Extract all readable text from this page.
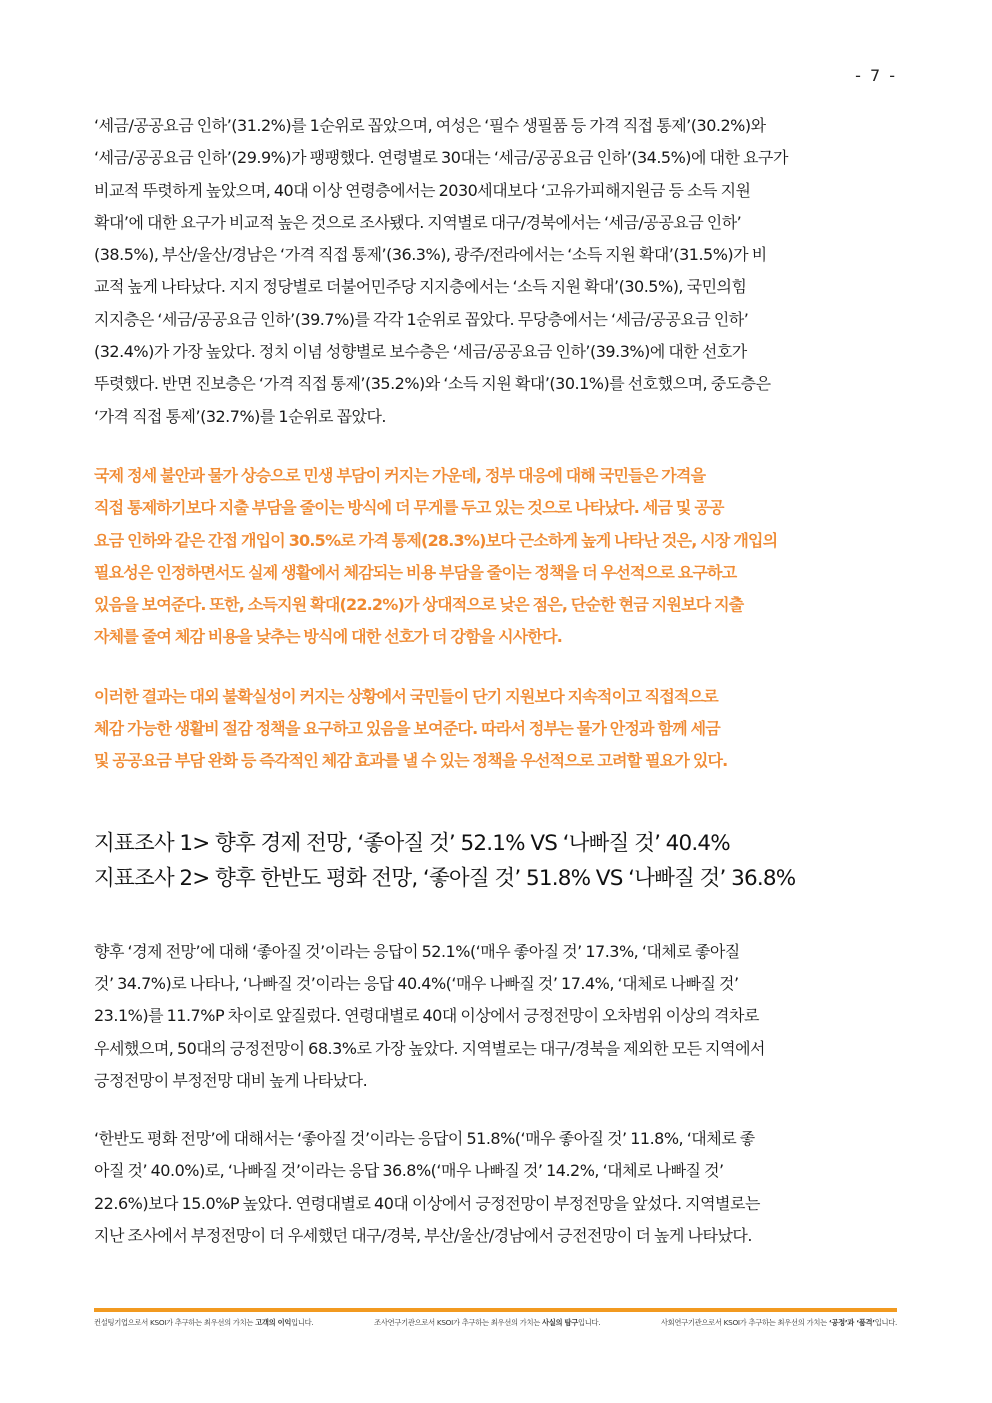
- 7 -

‘세금/공공요금 인하’(31.2%)를 1순위로 꼽았으며, 여성은 ‘필수 생필품 등 가격 직접 통제’(30.2%)와
‘세금/공공요금 인하’(29.9%)가 팽팽했다. 연령별로 30대는 ‘세금/공공요금 인하’(34.5%)에 대한 요구가
비교적 뚜렷하게 높았으며, 40대 이상 연령층에서는 2030세대보다 ‘고유가피해지원금 등 소득 지원
확대’에 대한 요구가 비교적 높은 것으로 조사됐다. 지역별로 대구/경북에서는 ‘세금/공공요금 인하’
(38.5%), 부산/울산/경남은 ‘가격 직접 통제’(36.3%), 광주/전라에서는 ‘소득 지원 확대’(31.5%)가 비
교적 높게 나타났다. 지지 정당별로 더불어민주당 지지층에서는 ‘소득 지원 확대’(30.5%), 국민의힘
지지층은 ‘세금/공공요금 인하’(39.7%)를 각각 1순위로 꼽았다. 무당층에서는 ‘세금/공공요금 인하’
(32.4%)가 가장 높았다. 정치 이념 성향별로 보수층은 ‘세금/공공요금 인하’(39.3%)에 대한 선호가
뚜렷했다. 반면 진보층은 ‘가격 직접 통제’(35.2%)와 ‘소득 지원 확대’(30.1%)를 선호했으며, 중도층은
‘가격 직접 통제’(32.7%)를 1순위로 꼽았다.

국제 정세 불안과 물가 상승으로 민생 부담이 커지는 가운데, 정부 대응에 대해 국민들은 가격을
직접 통제하기보다 지출 부담을 줄이는 방식에 더 무게를 두고 있는 것으로 나타났다. 세금 및 공공
요금 인하와 같은 간접 개입이 30.5%로 가격 통제(28.3%)보다 근소하게 높게 나타난 것은, 시장 개입의
필요성은 인정하면서도 실제 생활에서 체감되는 비용 부담을 줄이는 정책을 더 우선적으로 요구하고
있음을 보여준다. 또한, 소득지원 확대(22.2%)가 상대적으로 낮은 점은, 단순한 현금 지원보다 지출
자체를 줄여 체감 비용을 낮추는 방식에 대한 선호가 더 강함을 시사한다.

이러한 결과는 대외 불확실성이 커지는 상황에서 국민들이 단기 지원보다 지속적이고 직접적으로
체감 가능한 생활비 절감 정책을 요구하고 있음을 보여준다. 따라서 정부는 물가 안정과 함께 세금
및 공공요금 부담 완화 등 즉각적인 체감 효과를 낼 수 있는 정책을 우선적으로 고려할 필요가 있다.

지표조사 1> 향후 경제 전망, ‘좋아질 것’ 52.1% VS ‘나빠질 것’ 40.4%

지표조사 2> 향후 한반도 평화 전망, ‘좋아질 것’ 51.8% VS ‘나빠질 것’ 36.8%

향후 ‘경제 전망’에 대해 ‘좋아질 것’이라는 응답이 52.1%(‘매우 좋아질 것’ 17.3%, ‘대체로 좋아질
것’ 34.7%)로 나타나, ‘나빠질 것’이라는 응답 40.4%(‘매우 나빠질 것’ 17.4%, ‘대체로 나빠질 것’
23.1%)를 11.7%P 차이로 앞질렀다. 연령대별로 40대 이상에서 긍정전망이 오차범위 이상의 격차로
우세했으며, 50대의 긍정전망이 68.3%로 가장 높았다. 지역별로는 대구/경북을 제외한 모든 지역에서
긍정전망이 부정전망 대비 높게 나타났다.

‘한반도 평화 전망’에 대해서는 ‘좋아질 것’이라는 응답이 51.8%(‘매우 좋아질 것’ 11.8%, ‘대체로 좋
아질 것’ 40.0%)로, ‘나빠질 것’이라는 응답 36.8%(‘매우 나빠질 것’ 14.2%, ‘대체로 나빠질 것’
22.6%)보다 15.0%P 높았다. 연령대별로 40대 이상에서 긍정전망이 부정전망을 앞섰다. 지역별로는
지난 조사에서 부정전망이 더 우세했던 대구/경북, 부산/울산/경남에서 긍전전망이 더 높게 나타났다.

컨설팅기업으로서 KSOI가 추구하는 최우선의 가치는 고객의 이익입니다.	조사연구기관으로서 KSOI가 추구하는 최우선의 가치는 사실의 탐구입니다.	사회연구기관으로서 KSOI가 추구하는 최우선의 가치는 ‘공정’과 ‘품격’입니다.
